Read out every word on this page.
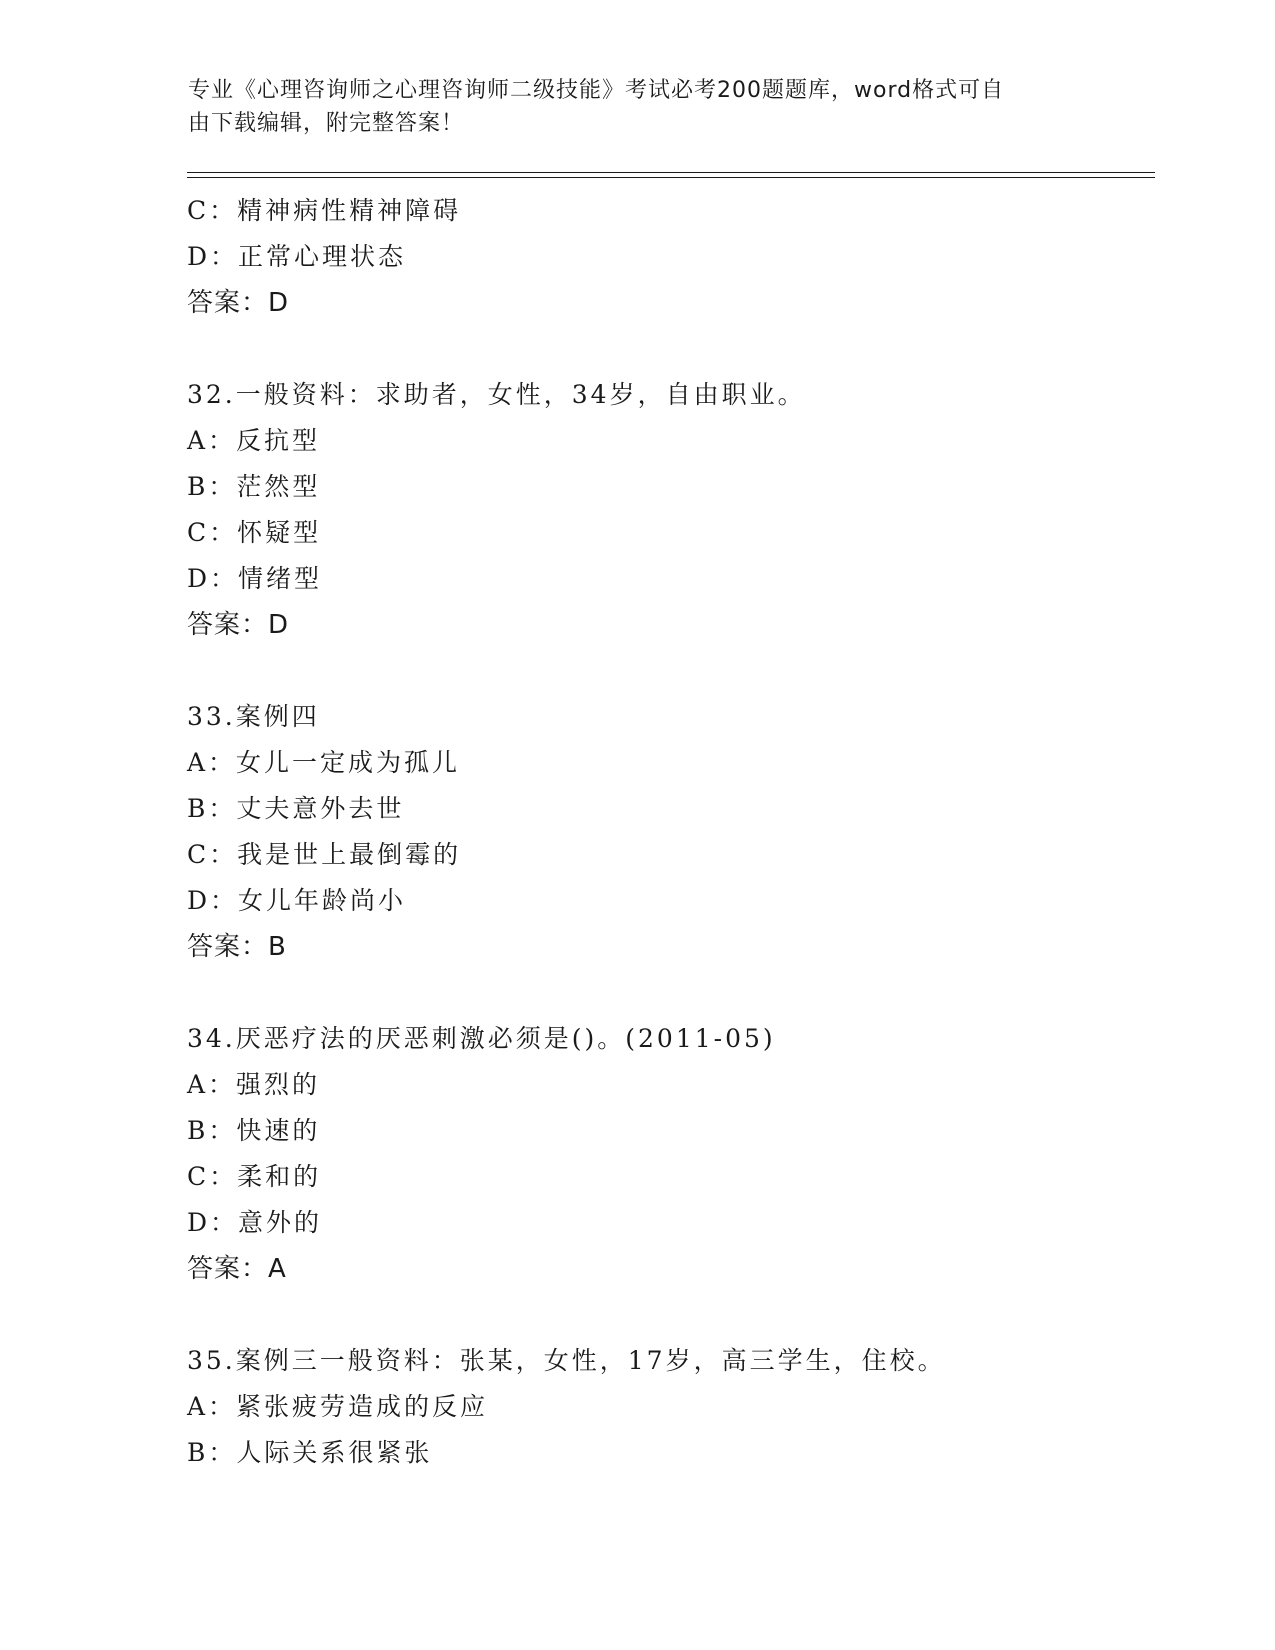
专业《心理咨询师之心理咨询师二级技能》考试必考200题题库，word格式可自
由下载编辑，附完整答案！
C：精神病性精神障碍
D：正常心理状态
答案：D
32.一般资料：求助者，女性，34岁，自由职业。
A：反抗型
B：茫然型
C：怀疑型
D：情绪型
答案：D
33.案例四
A：女儿一定成为孤儿
B：丈夫意外去世
C：我是世上最倒霉的
D：女儿年龄尚小
答案：B
34.厌恶疗法的厌恶刺激必须是()。(2011-05)
A：强烈的
B：快速的
C：柔和的
D：意外的
答案：A
35.案例三一般资料：张某，女性，17岁，高三学生，住校。
A：紧张疲劳造成的反应
B：人际关系很紧张
